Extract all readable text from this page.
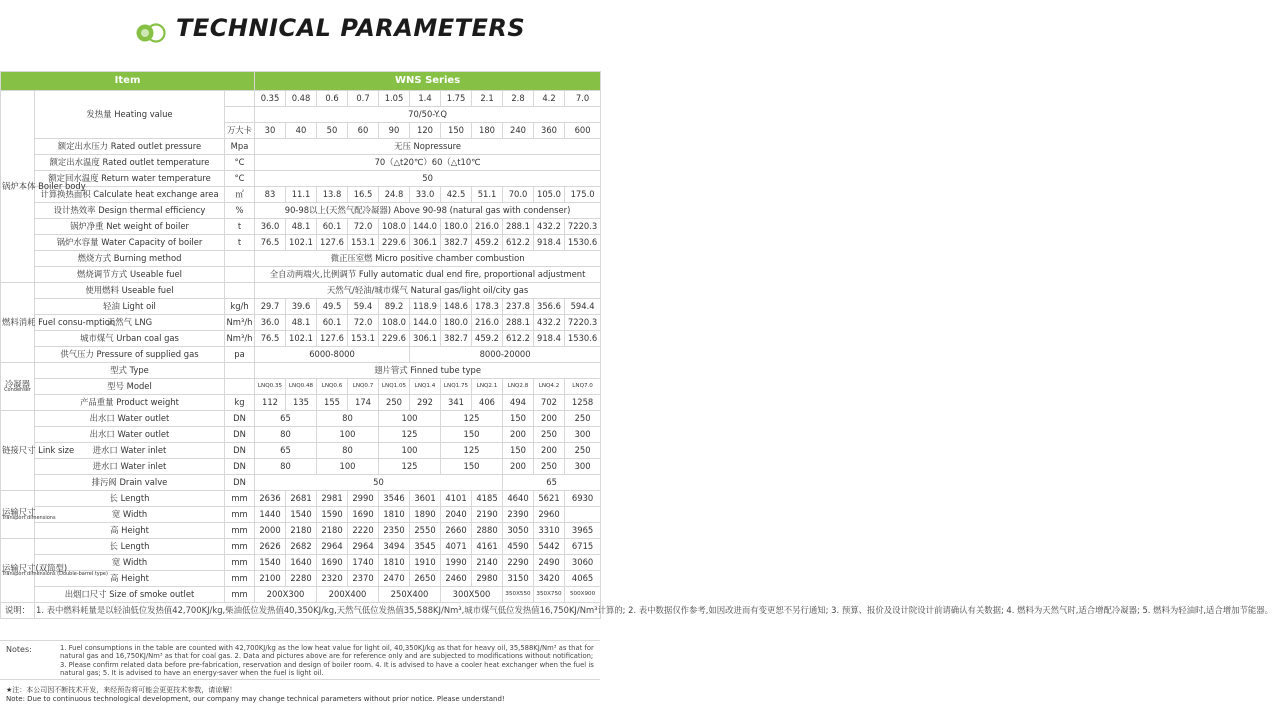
TECHNICAL PARAMETERS
Item			WNS Series										
锅炉本体 Boiler body	发热量 Heating value		0.35	0.48	0.6	0.7	1.05	1.4	1.75	2.1	2.8	4.2	7.0
			70/50-Y.Q										
		万大卡	30	40	50	60	90	120	150	180	240	360	600
	额定出水压力 Rated outlet pressure	Mpa	无压 Nopressure										
	额定出水温度 Rated outlet temperature	°C	70（△t20℃）60（△t10℃										
	额定回水温度 Return water temperature	°C	50										
	计算换热面积 Calculate heat exchange area	㎡	83	11.1	13.8	16.5	24.8	33.0	42.5	51.1	70.0	105.0	175.0
	设计热效率 Design thermal efficiency	%	90-98以上(天然气配冷凝器) Above 90-98 (natural gas with condenser)										
	锅炉净重 Net weight of boiler	t	36.0	48.1	60.1	72.0	108.0	144.0	180.0	216.0	288.1	432.2	7220.3
	锅炉水容量 Water Capacity of boiler	t	76.5	102.1	127.6	153.1	229.6	306.1	382.7	459.2	612.2	918.4	1530.6
	燃烧方式 Burning method		微正压室燃 Micro positive chamber combustion										
	燃烧调节方式 Useable fuel		全自动两端火,比例调节 Fully automatic dual end fire, proportional adjustment										
燃料消耗 Fuel consu-mption	使用燃料 Useable fuel		天然气/轻油/城市煤气 Natural gas/light oil/city gas										
	轻油 Light oil	kg/h	29.7	39.6	49.5	59.4	89.2	118.9	148.6	178.3	237.8	356.6	594.4
	天然气 LNG	Nm³/h	36.0	48.1	60.1	72.0	108.0	144.0	180.0	216.0	288.1	432.2	7220.3
	城市煤气 Urban coal gas	Nm³/h	76.5	102.1	127.6	153.1	229.6	306.1	382.7	459.2	612.2	918.4	1530.6
	供气压力 Pressure of supplied gas	pa	6000-8000					8000-20000					
冷凝器
Condenser	型式 Type		翅片管式 Finned tube type										
	型号 Model		LNQ0.35	LNQ0.48	LNQ0.6	LNQ0.7	LNQ1.05	LNQ1.4	LNQ1.75	LNQ2.1	LNQ2.8	LNQ4.2	LNQ7.0
	产品重量 Product weight	kg	112	135	155	174	250	292	341	406	494	702	1258
链接尺寸 Link size	出水口 Water outlet	DN	65		80		100		125		150	200	250
	出水口 Water outlet	DN	80		100		125		150		200	250	300
	进水口 Water inlet	DN	65		80		100		125		150	200	250
	进水口 Water inlet	DN	80		100		125		150		200	250	300
	排污阀 Drain valve	DN	50								65		
运输尺寸
Transport dimensions	长 Length	mm	2636	2681	2981	2990	3546	3601	4101	4185	4640	5621	6930
	宽 Width	mm	1440	1540	1590	1690	1810	1890	2040	2190	2390	2960	
	高 Height	mm	2000	2180	2180	2220	2350	2550	2660	2880	3050	3310	3965
运输尺寸(双筒型)
Transport dimensions (Double-barrel type)	长 Length	mm	2626	2682	2964	2964	3494	3545	4071	4161	4590	5442	6715
	宽 Width	mm	1540	1640	1690	1740	1810	1910	1990	2140	2290	2490	3060
	高 Height	mm	2100	2280	2320	2370	2470	2650	2460	2980	3150	3420	4065
	出烟口尺寸 Size of smoke outlet	mm	200X300		200X400		250X400		300X500		350X550	350X750	500X900
说明：	1. 表中燃料耗量是以轻油低位发热值42,700KJ/kg,柴油低位发热值40,350KJ/kg,天然气低位发热值35,588KJ/Nm³,城市煤气低位发热值16,750KJ/Nm³计算的; 2. 表中数据仅作参考,如因改进而有变更恕不另行通知; 3. 预算、报价及设计院设计前请确认有关数据; 4. 燃料为天然气时,适合增配冷凝器; 5. 燃料为轻油时,适合增加节能器。												
Notes:	1. Fuel consumptions in the table are counted with 42,700KJ/kg as the low heat value for light oil, 40,350KJ/kg as that for heavy oil, 35,588KJ/Nm³ as that for natural gas and 16,750KJ/Nm³ as that for coal gas. 2. Data and pictures above are for reference only and are subjected to modifications without notification; 3. Please confirm related data before pre-fabrication, reservation and design of boiler room. 4. It is advised to have a cooler heat exchanger when the fuel is natural gas; 5. It is advised to have an energy-saver when the fuel is light oil.
★注：本公司因不断技术开发，来经预告将可能会更更技术参数，请谅解！
Note: Due to continuous technological development, our company may change technical parameters without prior notice. Please understand!
